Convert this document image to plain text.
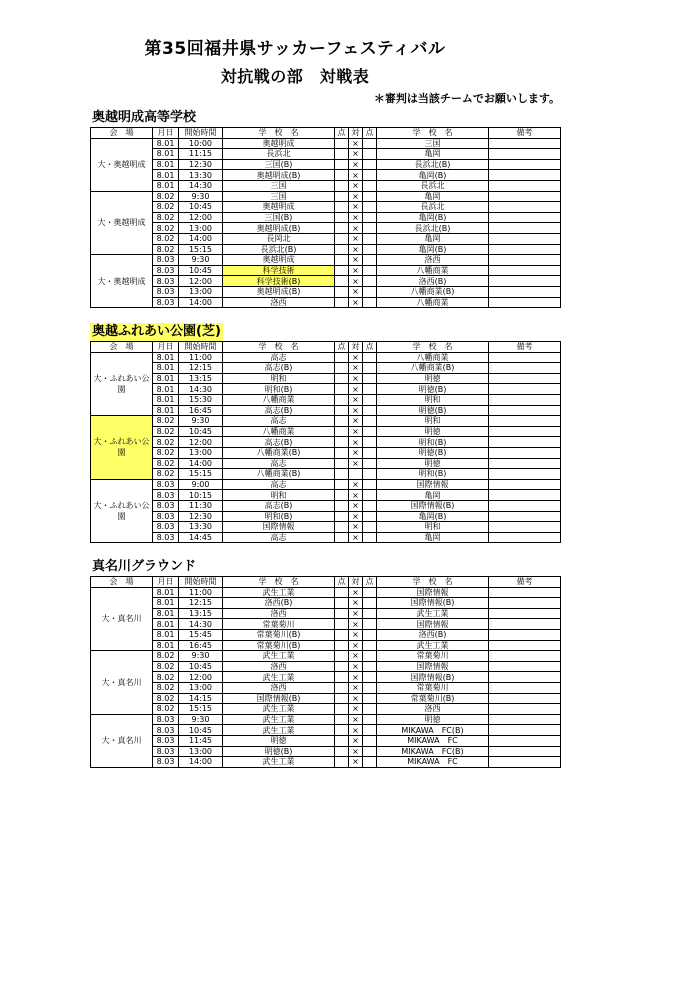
第35回福井県サッカーフェスティバル
対抗戦の部　対戦表
＊審判は当該チームでお願いします。
奥越明成高等学校
会　場	月日	開始時間	学　校　名	点	対	点	学　校　名	備考
大・奥越明成	8.01	10:00	奥越明成		×		三国	
	8.01	11:15	長浜北		×		亀岡	
	8.01	12:30	三国(B)		×		長浜北(B)	
	8.01	13:30	奥越明成(B)		×		亀岡(B)	
	8.01	14:30	三国		×		長浜北	
大・奥越明成	8.02	9:30	三国		×		亀岡	
	8.02	10:45	奥越明成		×		長浜北	
	8.02	12:00	三国(B)		×		亀岡(B)	
	8.02	13:00	奥越明成(B)		×		長浜北(B)	
	8.02	14:00	長岡北		×		亀岡	
	8.02	15:15	長浜北(B)		×		亀岡(B)	
大・奥越明成	8.03	9:30	奥越明成		×		洛西	
	8.03	10:45	科学技術		×		八幡商業	
	8.03	12:00	科学技術(B)		×		洛西(B)	
	8.03	13:00	奥越明成(B)		×		八幡商業(B)	
	8.03	14:00	洛西		×		八幡商業	
奥越ふれあい公園(芝)
会　場	月日	開始時間	学　校　名	点	対	点	学　校　名	備考
大・ふれあい公園	8.01	11:00	高志		×		八幡商業	
	8.01	12:15	高志(B)		×		八幡商業(B)	
	8.01	13:15	明和		×		明徳	
	8.01	14:30	明和(B)		×		明徳(B)	
	8.01	15:30	八幡商業		×		明和	
	8.01	16:45	高志(B)		×		明徳(B)	
大・ふれあい公園	8.02	9:30	高志		×		明和	
	8.02	10:45	八幡商業		×		明徳	
	8.02	12:00	高志(B)		×		明和(B)	
	8.02	13:00	八幡商業(B)		×		明徳(B)	
	8.02	14:00	高志		×		明徳	
	8.02	15:15	八幡商業(B)				明和(B)	
大・ふれあい公園	8.03	9:00	高志		×		国際情報	
	8.03	10:15	明和		×		亀岡	
	8.03	11:30	高志(B)		×		国際情報(B)	
	8.03	12:30	明和(B)		×		亀岡(B)	
	8.03	13:30	国際情報		×		明和	
	8.03	14:45	高志		×		亀岡	
真名川グラウンド
会　場	月日	開始時間	学　校　名	点	対	点	学　校　名	備考
大・真名川	8.01	11:00	武生工業		×		国際情報	
	8.01	12:15	洛西(B)		×		国際情報(B)	
	8.01	13:15	洛西		×		武生工業	
	8.01	14:30	常葉菊川		×		国際情報	
	8.01	15:45	常葉菊川(B)		×		洛西(B)	
	8.01	16:45	常葉菊川(B)		×		武生工業	
大・真名川	8.02	9:30	武生工業		×		常葉菊川	
	8.02	10:45	洛西		×		国際情報	
	8.02	12:00	武生工業		×		国際情報(B)	
	8.02	13:00	洛西		×		常葉菊川	
	8.02	14:15	国際情報(B)		×		常葉菊川(B)	
	8.02	15:15	武生工業		×		洛西	
大・真名川	8.03	9:30	武生工業		×		明徳	
	8.03	10:45	武生工業		×		MIKAWA　FC(B)	
	8.03	11:45	明徳		×		MIKAWA　FC	
	8.03	13:00	明徳(B)		×		MIKAWA　FC(B)	
	8.03	14:00	武生工業		×		MIKAWA　FC	
